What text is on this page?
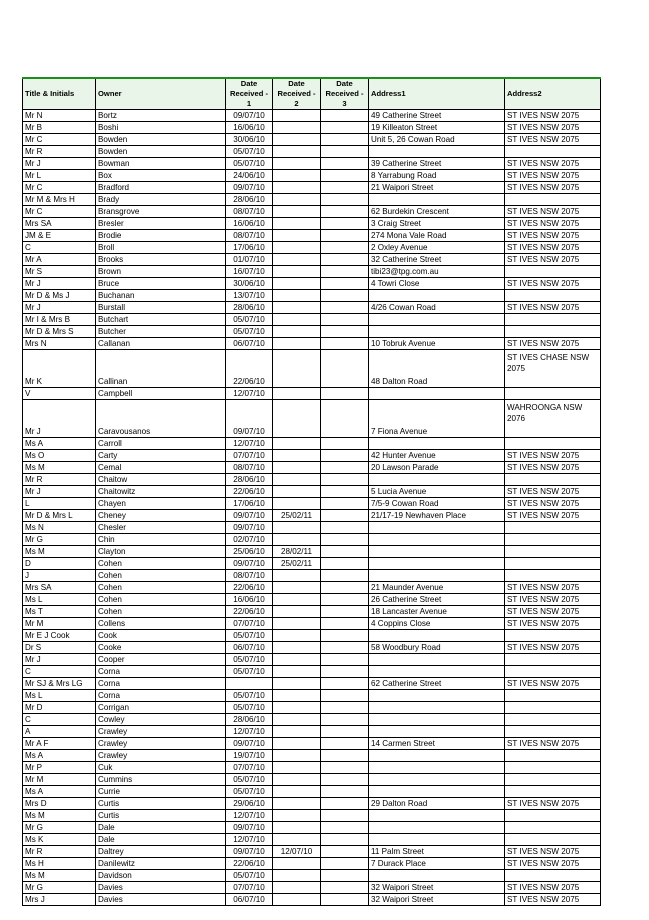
Title & Initials	Owner	Date Received - 1	Date Received - 2	Date Received - 3	Address1	Address2
Mr N	Bortz	09/07/10			49 Catherine Street	ST IVES NSW 2075
Mr B	Boshi	16/06/10			19 Killeaton Street	ST IVES NSW 2075
Mr C	Bowden	30/06/10			Unit 5, 26 Cowan Road	ST IVES NSW 2075
Mr R	Bowden	05/07/10				
Mr J	Bowman	05/07/10			39 Catherine Street	ST IVES NSW 2075
Mr L	Box	24/06/10			8 Yarrabung Road	ST IVES NSW 2075
Mr C	Bradford	09/07/10			21 Waipori Street	ST IVES NSW 2075
Mr M & Mrs H	Brady	28/06/10				
Mr C	Bransgrove	08/07/10			62 Burdekin Crescent	ST IVES NSW 2075
Mrs SA	Bresler	16/06/10			3 Craig Street	ST IVES NSW 2075
JM & E	Brodie	08/07/10			274 Mona Vale Road	ST IVES NSW 2075
C	Broll	17/06/10			2 Oxley Avenue	ST IVES NSW 2075
Mr A	Brooks	01/07/10			32 Catherine Street	ST IVES NSW 2075
Mr S	Brown	16/07/10			tibi23@tpg.com.au	
Mr J	Bruce	30/06/10			4 Towri Close	ST IVES NSW 2075
Mr D & Ms J	Buchanan	13/07/10				
Mr J	Burstall	28/06/10			4/26 Cowan Road	ST IVES NSW 2075
Mr I & Mrs B	Butchart	05/07/10				
Mr D & Mrs S	Butcher	05/07/10				
Mrs N	Callanan	06/07/10			10 Tobruk Avenue	ST IVES NSW 2075
Mr K	Callinan	22/06/10			48 Dalton Road	ST IVES CHASE NSW 2075
V	Campbell	12/07/10				
Mr J	Caravousanos	09/07/10			7 Fiona Avenue	WAHROONGA NSW 2076
Ms A	Carroll	12/07/10				
Ms O	Carty	07/07/10			42 Hunter Avenue	ST IVES NSW 2075
Ms M	Cemal	08/07/10			20 Lawson Parade	ST IVES NSW 2075
Mr R	Chaitow	28/06/10				
Mr J	Chaitowitz	22/06/10			5 Lucia Avenue	ST IVES NSW 2075
L	Chayen	17/06/10			7/5-9 Cowan Road	ST IVES NSW 2075
Mr D & Mrs L	Cheney	09/07/10	25/02/11		21/17-19 Newhaven Place	ST IVES NSW 2075
Ms N	Chesler	09/07/10				
Mr G	Chin	02/07/10				
Ms M	Clayton	25/06/10	28/02/11			
D	Cohen	09/07/10	25/02/11			
J	Cohen	08/07/10				
Mrs SA	Cohen	22/06/10			21 Maunder Avenue	ST IVES NSW 2075
Ms L	Cohen	16/06/10			26 Catherine Street	ST IVES NSW 2075
Ms T	Cohen	22/06/10			18 Lancaster Avenue	ST IVES NSW 2075
Mr M	Collens	07/07/10			4 Coppins Close	ST IVES NSW 2075
Mr E J Cook	Cook	05/07/10				
Dr S	Cooke	06/07/10			58 Woodbury Road	ST IVES NSW 2075
Mr J	Cooper	05/07/10				
C	Corna	05/07/10				
Mr SJ & Mrs LG	Corna				62 Catherine Street	ST IVES NSW 2075
Ms L	Corna	05/07/10				
Mr D	Corrigan	05/07/10				
C	Cowley	28/06/10				
A	Crawley	12/07/10				
Mr A F	Crawley	09/07/10			14 Carmen Street	ST IVES NSW 2075
Ms A	Crawley	19/07/10				
Mr P	Cuk	07/07/10				
Mr M	Cummins	05/07/10				
Ms A	Currie	05/07/10				
Mrs D	Curtis	29/06/10			29 Dalton Road	ST IVES NSW 2075
Ms M	Curtis	12/07/10				
Mr G	Dale	09/07/10				
Ms K	Dale	12/07/10				
Mr R	Daltrey	09/07/10	12/07/10		11 Palm Street	ST IVES NSW 2075
Ms H	Danilewitz	22/06/10			7 Durack Place	ST IVES NSW 2075
Ms M	Davidson	05/07/10				
Mr G	Davies	07/07/10			32 Waipori Street	ST IVES NSW 2075
Mrs J	Davies	06/07/10			32 Waipori Street	ST IVES NSW 2075
